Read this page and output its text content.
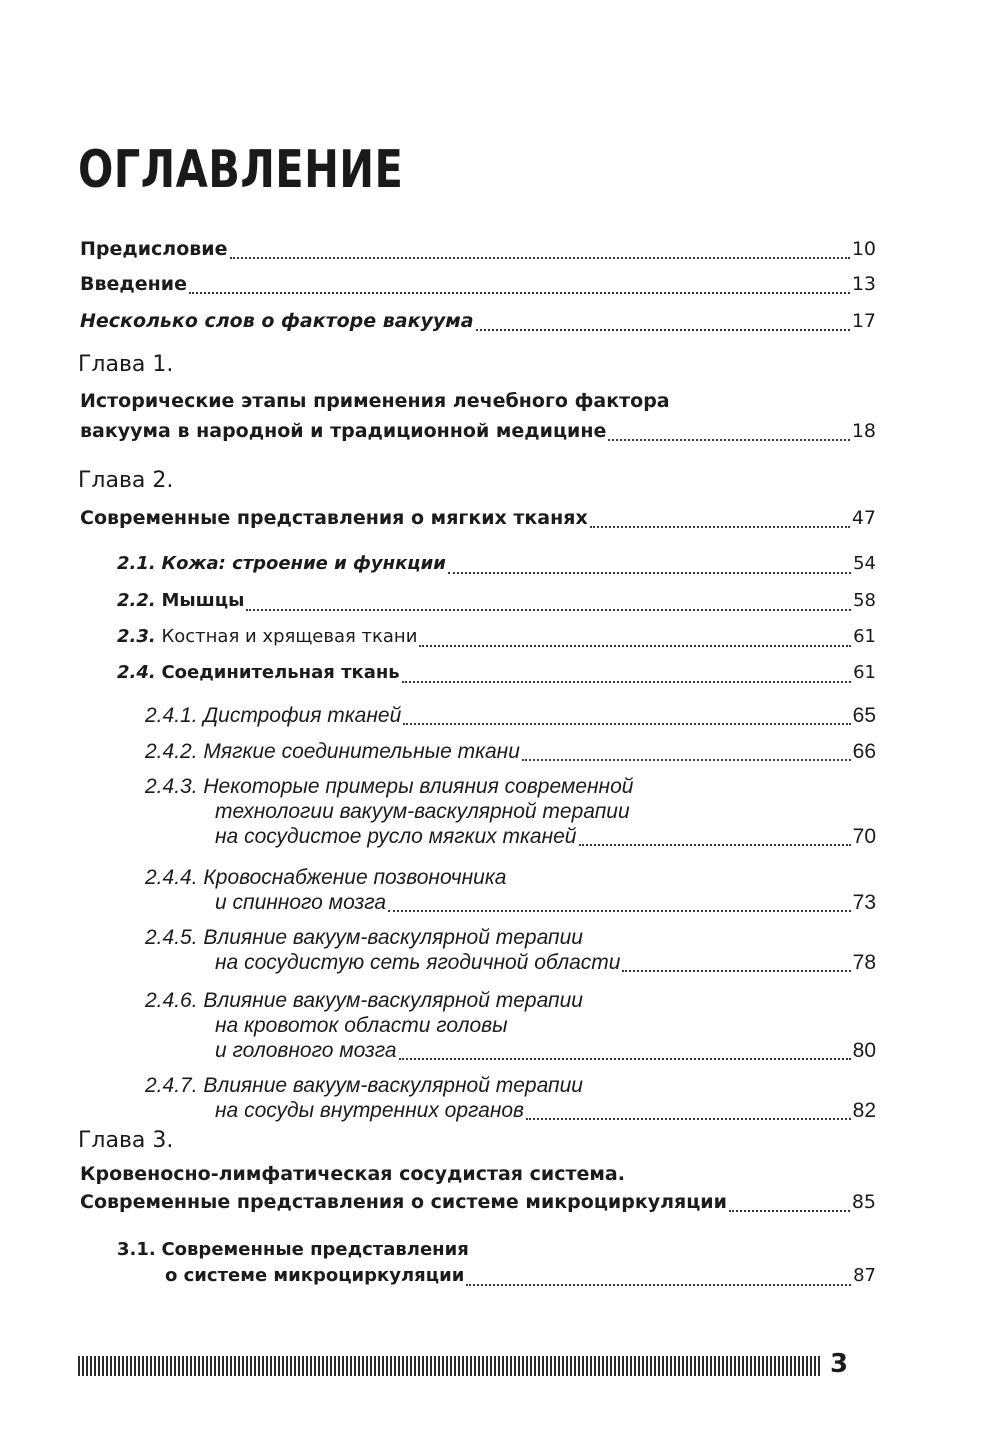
ОГЛАВЛЕНИЕ
Предисловие	10
Введение	13
Несколько слов о факторе вакуума	17
Глава 1.
Исторические этапы применения лечебного фактора
вакуума в народной и традиционной медицине	18
Глава 2.
Современные представления о мягких тканях	47
2.1. Кожа: строение и функции	54
2.2. Мышцы	58
2.3. Костная и хрящевая ткани	61
2.4. Соединительная ткань	61
2.4.1. Дистрофия тканей	65
2.4.2. Мягкие соединительные ткани	66
2.4.3. Некоторые примеры влияния современной
технологии вакуум-васкулярной терапии
на сосудистое русло мягких тканей	70
2.4.4. Кровоснабжение позвоночника
и спинного мозга	73
2.4.5. Влияние вакуум-васкулярной терапии
на сосудистую сеть ягодичной области	78
2.4.6. Влияние вакуум-васкулярной терапии
на кровоток области головы
и головного мозга	80
2.4.7. Влияние вакуум-васкулярной терапии
на сосуды внутренних органов	82
Глава 3.
Кровеносно-лимфатическая сосудистая система.
Современные представления о системе микроциркуляции	85
3.1. Современные представления
о системе микроциркуляции	87
3
